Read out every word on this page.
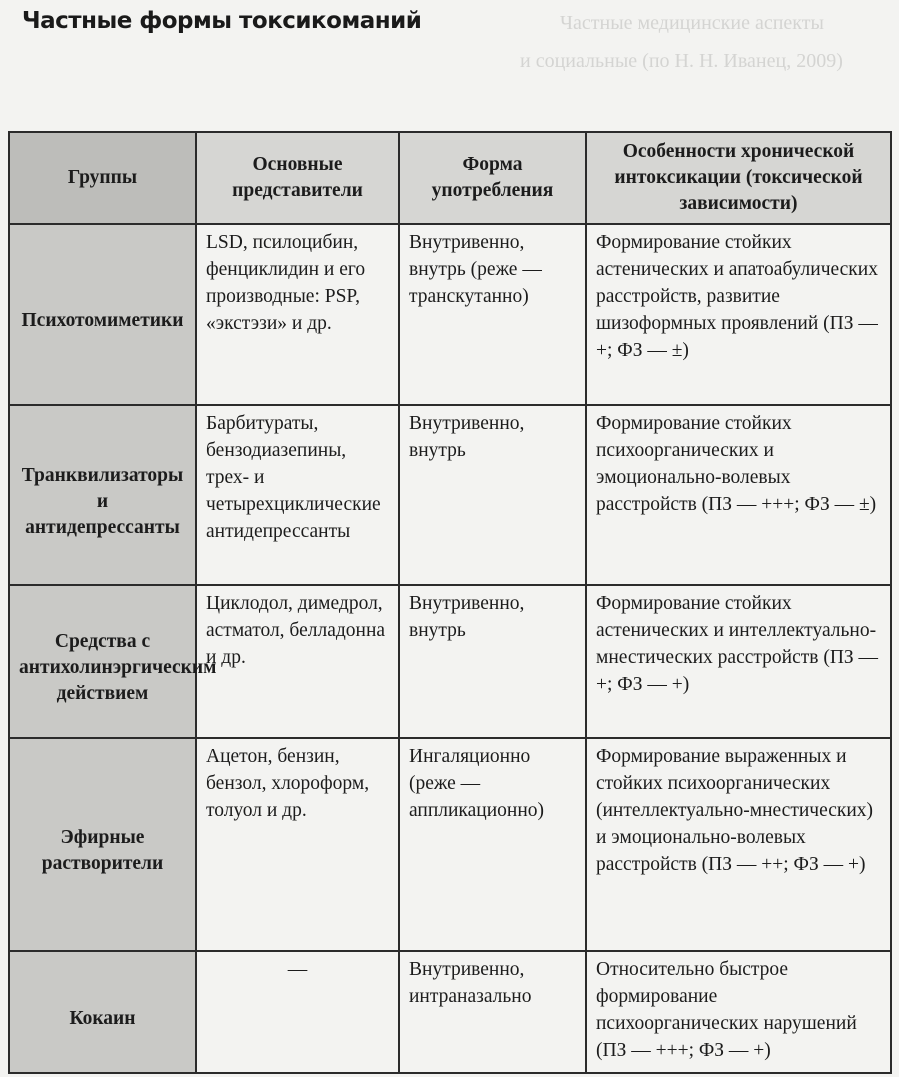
Частные медицинские аспекты
и социальные (по Н. Н. Иванец, 2009)
Частные формы токсикоманий
Группы	Основные представители	Форма употребления	Особенности хронической интоксикации (токсической зависимости)
Психотомиметики	LSD, псилоцибин, фенциклидин и его производные: PSP, «экстэзи» и др.	Внутривенно, внутрь (реже — транскутанно)	Формирование стойких астенических и апатоабулических расстройств, развитие шизоформных проявлений (ПЗ — +; ФЗ — ±)
Транквилизаторы и антидепрессанты	Барбитураты, бензодиазепины, трех- и четырехциклические антидепрессанты	Внутривенно, внутрь	Формирование стойких психоорганических и эмоционально-волевых расстройств (ПЗ — +++; ФЗ — ±)
Средства с антихолинэргическим действием	Циклодол, димедрол, астматол, белладонна и др.	Внутривенно, внутрь	Формирование стойких астенических и интеллектуально-мнестических расстройств (ПЗ — +; ФЗ — +)
Эфирные растворители	Ацетон, бензин, бензол, хлороформ, толуол и др.	Ингаляционно (реже — аппликационно)	Формирование выраженных и стойких психоорганических (интеллектуально-мнестических) и эмоционально-волевых расстройств (ПЗ — ++; ФЗ — +)
Кокаин	—	Внутривенно, интраназально	Относительно быстрое формирование психоорганических нарушений (ПЗ — +++; ФЗ — +)
